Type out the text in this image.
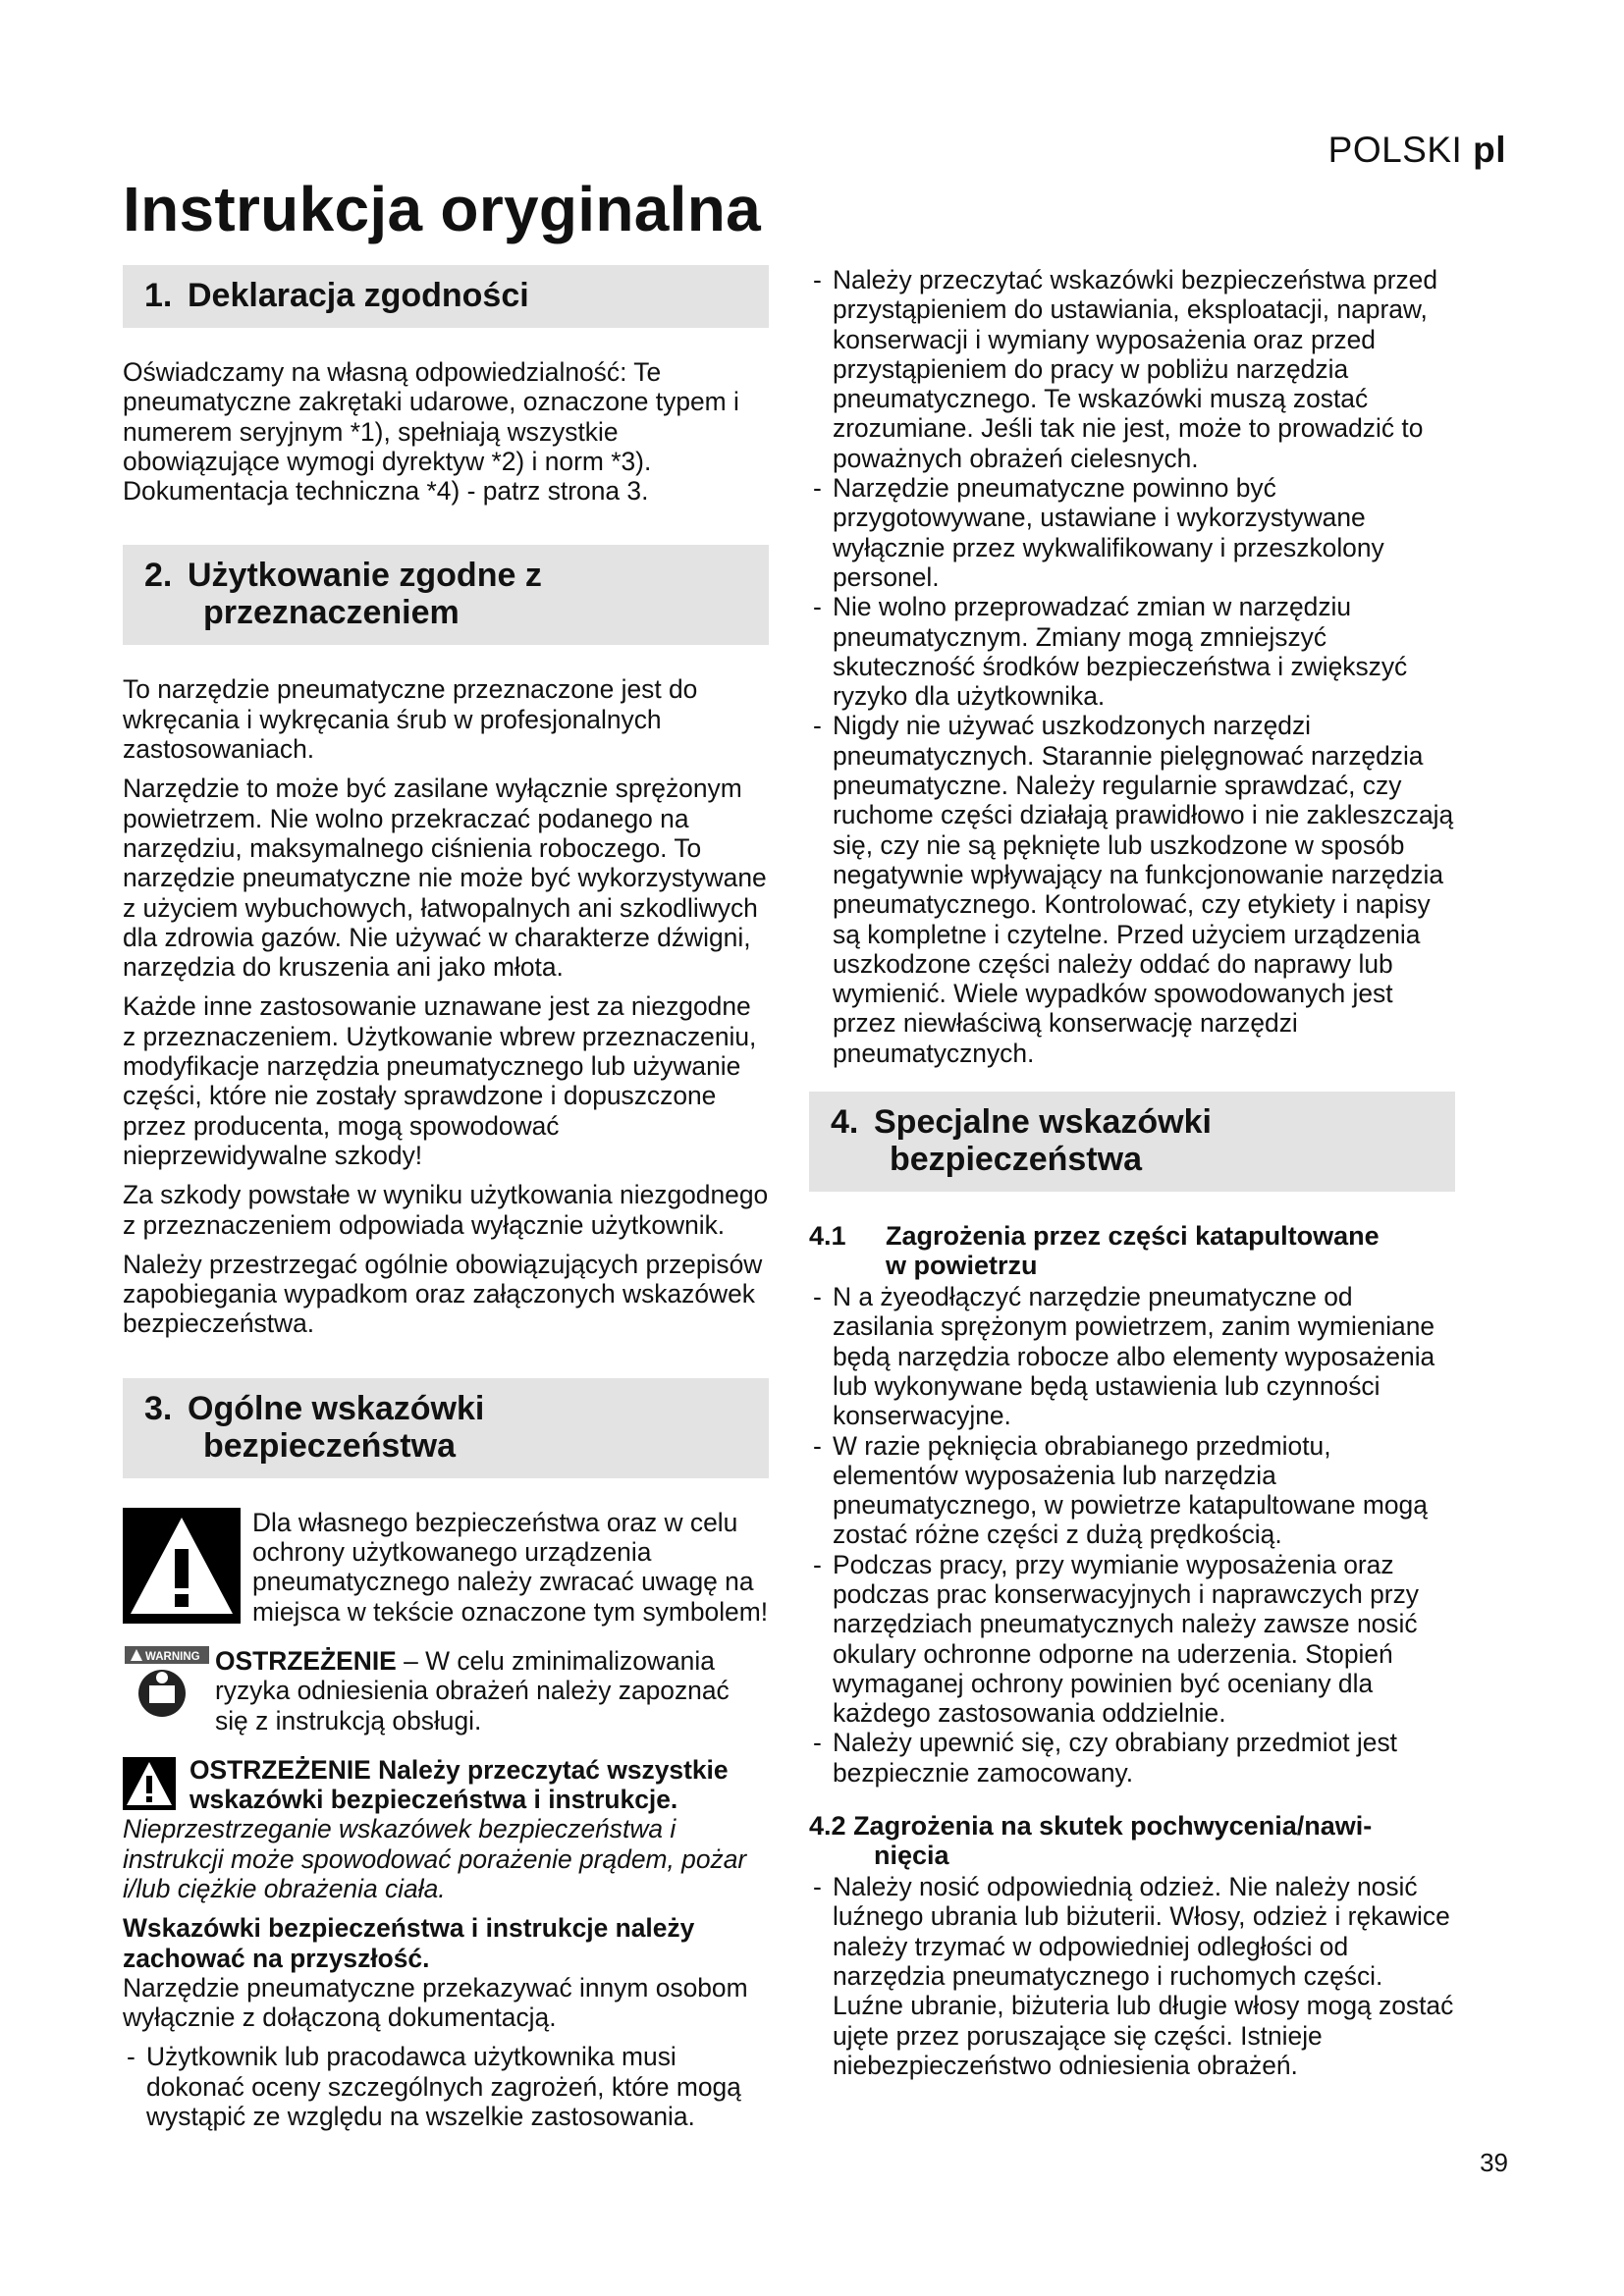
POLSKI pl
Instrukcja oryginalna
1. Deklaracja zgodności

Oświadczamy na własną odpowiedzialność: Te pneumatyczne zakrętaki udarowe, oznaczone typem i numerem seryjnym *1), spełniają wszystkie obowiązujące wymogi dyrektyw *2) i norm *3). Dokumentacja techniczna *4) - patrz strona 3.

2. Użytkowanie zgodne z
przeznaczeniem

To narzędzie pneumatyczne przeznaczone jest do wkręcania i wykręcania śrub w profesjonalnych zastosowaniach.

Narzędzie to może być zasilane wyłącznie sprężonym powietrzem. Nie wolno przekraczać podanego na narzędziu, maksymalnego ciśnienia roboczego. To narzędzie pneumatyczne nie może być wykorzystywane z użyciem wybuchowych, łatwopalnych ani szkodliwych dla zdrowia gazów. Nie używać w charakterze dźwigni, narzędzia do kruszenia ani jako młota.

Każde inne zastosowanie uznawane jest za niezgodne z przeznaczeniem. Użytkowanie wbrew przeznaczeniu, modyfikacje narzędzia pneumatycznego lub używanie części, które nie zostały sprawdzone i dopuszczone przez producenta, mogą spowodować nieprzewidywalne szkody!

Za szkody powstałe w wyniku użytkowania niezgodnego z przeznaczeniem odpowiada wyłącznie użytkownik.

Należy przestrzegać ogólnie obowiązujących przepisów zapobiegania wypadkom oraz załączonych wskazówek bezpieczeństwa.

3. Ogólne wskazówki
bezpieczeństwa

Dla własnego bezpieczeństwa oraz w celu ochrony użytkowanego urządzenia pneumatycznego należy zwracać uwagę na miejsca w tekście oznaczone tym symbolem!

WARNING OSTRZEŻENIE – W celu zminimalizowania ryzyka odniesienia obrażeń należy zapoznać się z instrukcją obsługi.

OSTRZEŻENIE Należy przeczytać wszystkie wskazówki bezpieczeństwa i instrukcje. Nieprzestrzeganie wskazówek bezpieczeństwa i instrukcji może spowodować porażenie prądem, pożar i/lub ciężkie obrażenia ciała.

Wskazówki bezpieczeństwa i instrukcje należy zachować na przyszłość.

Narzędzie pneumatyczne przekazywać innym osobom wyłącznie z dołączoną dokumentacją.

- Użytkownik lub pracodawca użytkownika musi dokonać oceny szczególnych zagrożeń, które mogą wystąpić ze względu na wszelkie zastosowania.
- Należy przeczytać wskazówki bezpieczeństwa przed przystąpieniem do ustawiania, eksploatacji, napraw, konserwacji i wymiany wyposażenia oraz przed przystąpieniem do pracy w pobliżu narzędzia pneumatycznego. Te wskazówki muszą zostać zrozumiane. Jeśli tak nie jest, może to prowadzić to poważnych obrażeń cielesnych.
- Narzędzie pneumatyczne powinno być przygotowywane, ustawiane i wykorzystywane wyłącznie przez wykwalifikowany i przeszkolony personel.
- Nie wolno przeprowadzać zmian w narzędziu pneumatycznym. Zmiany mogą zmniejszyć skuteczność środków bezpieczeństwa i zwiększyć ryzyko dla użytkownika.
- Nigdy nie używać uszkodzonych narzędzi pneumatycznych. Starannie pielęgnować narzędzia pneumatyczne. Należy regularnie sprawdzać, czy ruchome części działają prawidłowo i nie zakleszczają się, czy nie są pęknięte lub uszkodzone w sposób negatywnie wpływający na funkcjonowanie narzędzia pneumatycznego. Kontrolować, czy etykiety i napisy są kompletne i czytelne. Przed użyciem urządzenia uszkodzone części należy oddać do naprawy lub wymienić. Wiele wypadków spowodowanych jest przez niewłaściwą konserwację narzędzi pneumatycznych.
4. Specjalne wskazówki
bezpieczeństwa
4.1 Zagrożenia przez części katapultowane
w powietrzu
- N a żyeodłączyć narzędzie pneumatyczne od zasilania sprężonym powietrzem, zanim wymieniane będą narzędzia robocze albo elementy wyposażenia lub wykonywane będą ustawienia lub czynności konserwacyjne.
- W razie pęknięcia obrabianego przedmiotu, elementów wyposażenia lub narzędzia pneumatycznego, w powietrze katapultowane mogą zostać różne części z dużą prędkością.
- Podczas pracy, przy wymianie wyposażenia oraz podczas prac konserwacyjnych i naprawczych przy narzędziach pneumatycznych należy zawsze nosić okulary ochronne odporne na uderzenia. Stopień wymaganej ochrony powinien być oceniany dla każdego zastosowania oddzielnie.
- Należy upewnić się, czy obrabiany przedmiot jest bezpiecznie zamocowany.
4.2 Zagrożenia na skutek pochwycenia/nawi-
nięcia
- Należy nosić odpowiednią odzież. Nie należy nosić luźnego ubrania lub biżuterii. Włosy, odzież i rękawice należy trzymać w odpowiedniej odległości od narzędzia pneumatycznego i ruchomych części. Luźne ubranie, biżuteria lub długie włosy mogą zostać ujęte przez poruszające się części. Istnieje niebezpieczeństwo odniesienia obrażeń.
39
